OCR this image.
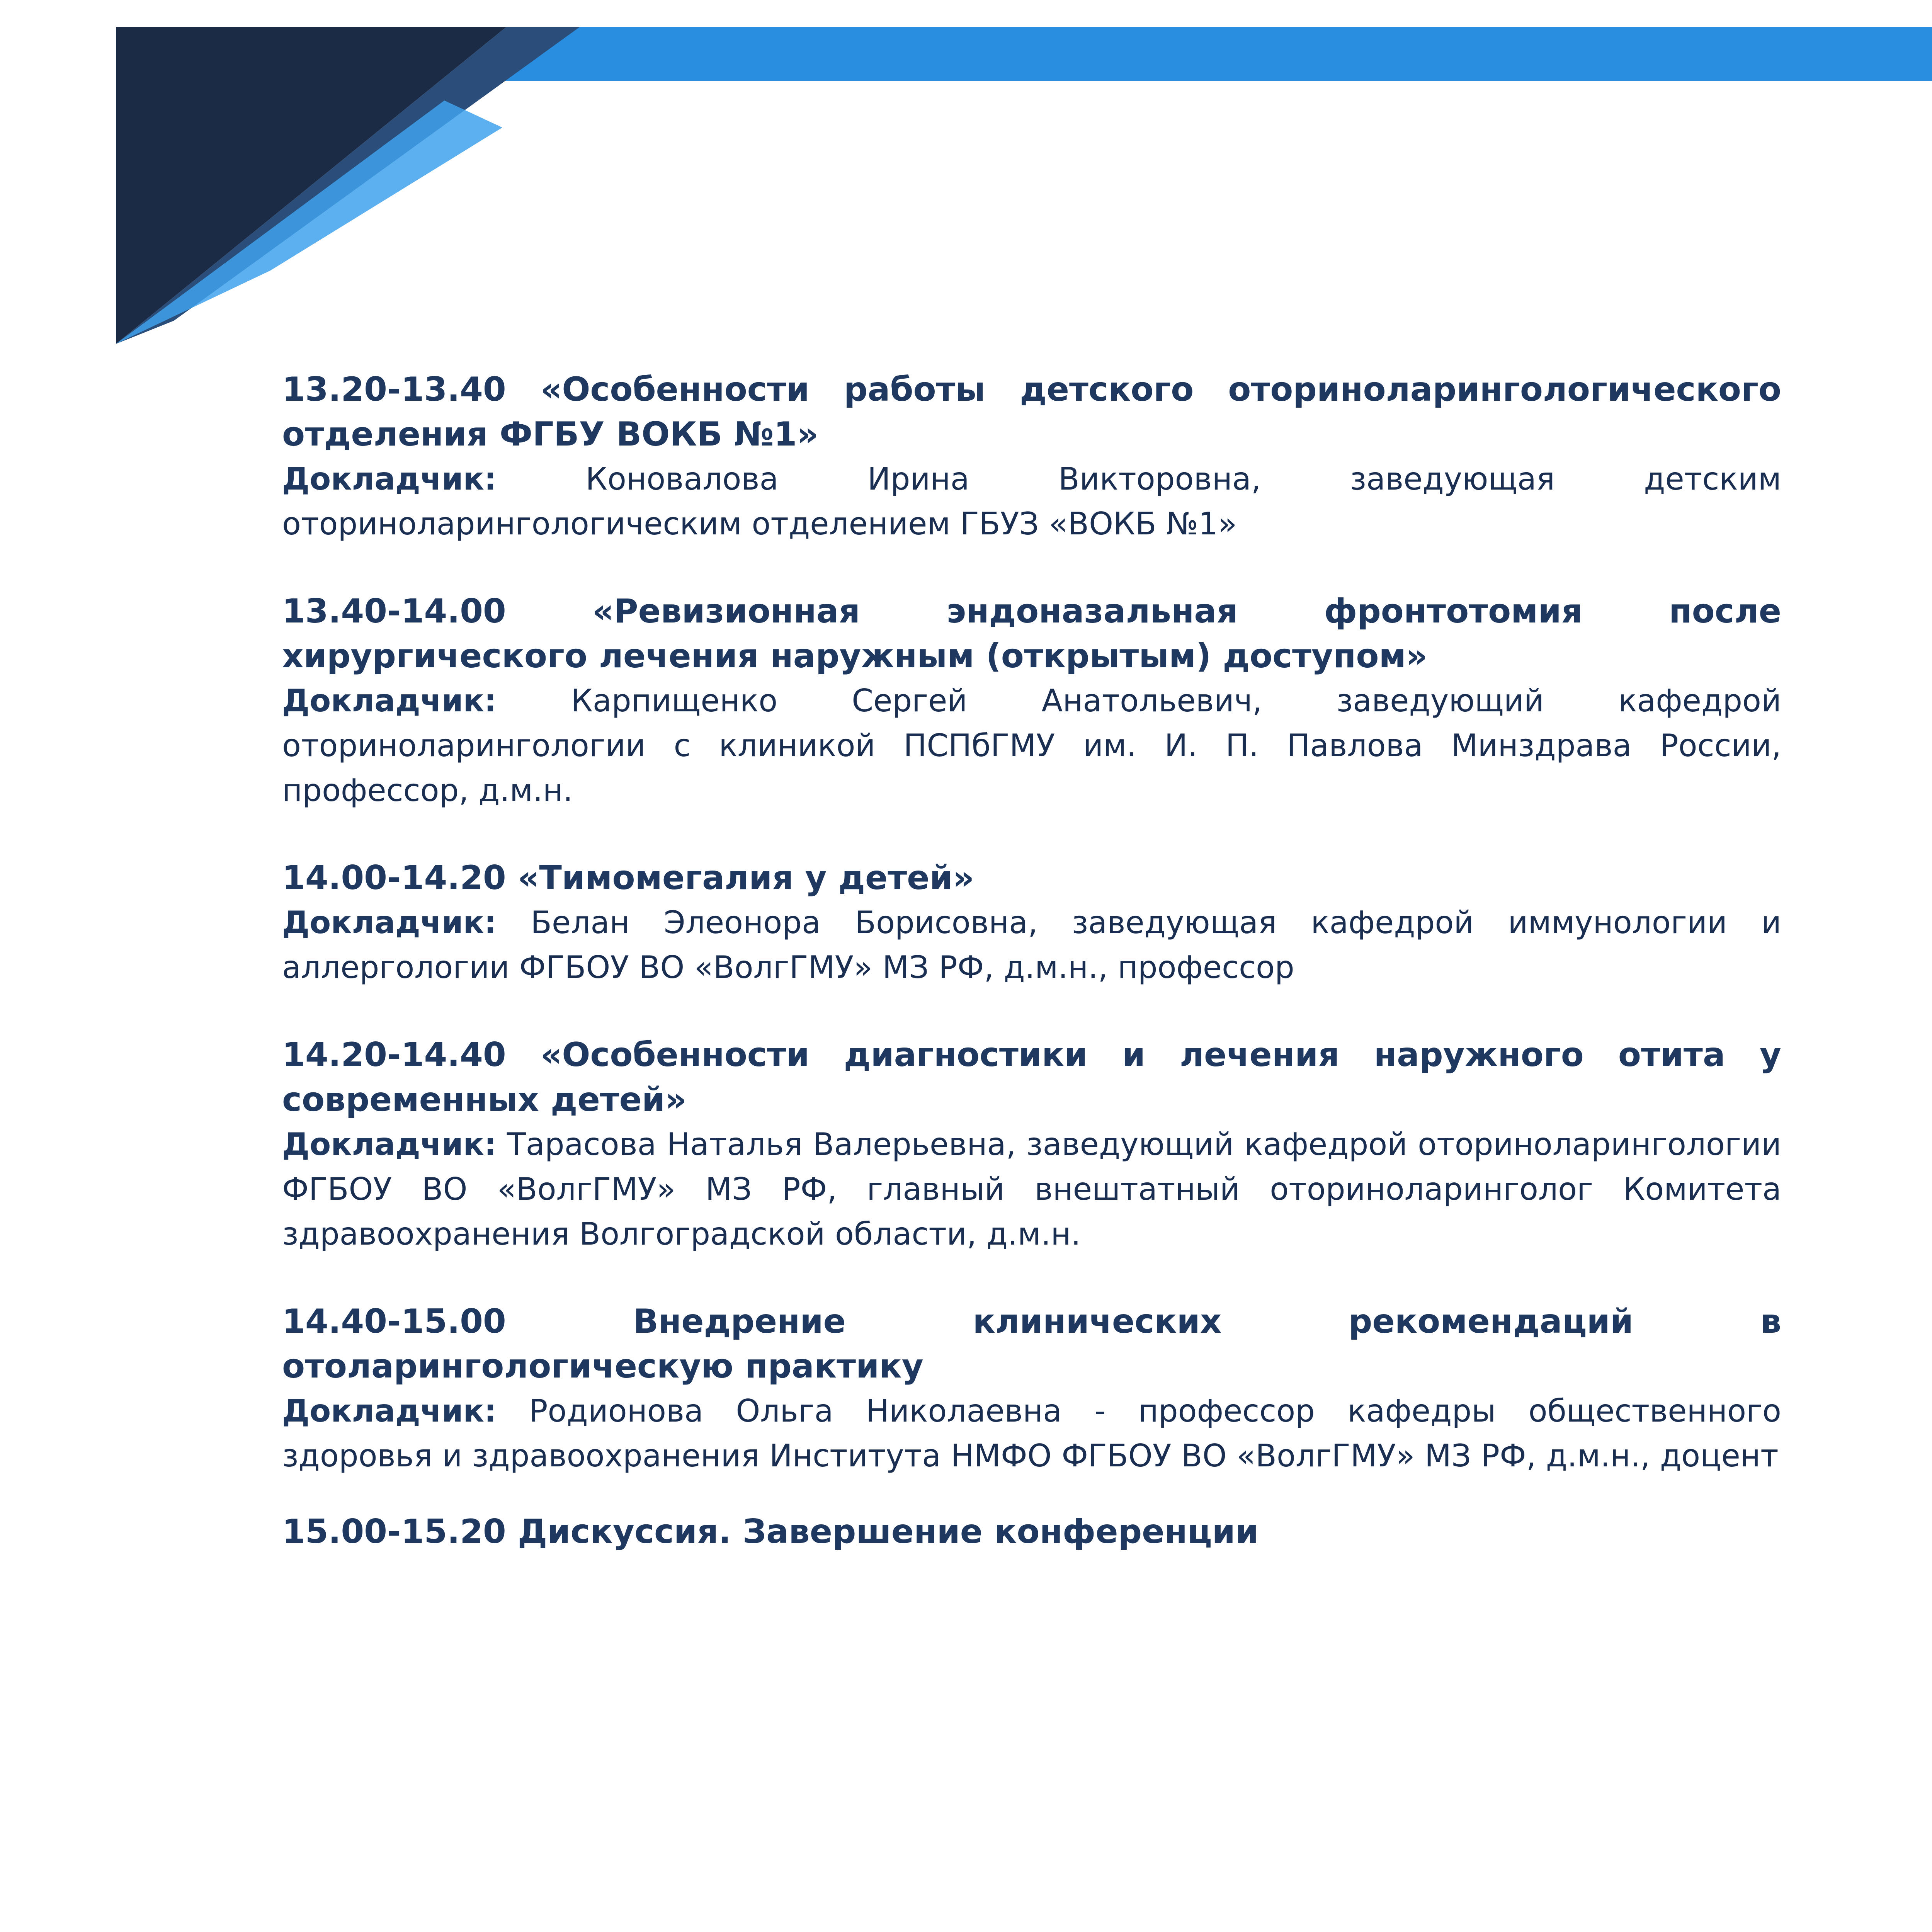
13.20-13.40 «Особенности работы детского оториноларингологического отделения ФГБУ ВОКБ №1»

Докладчик:	Коновалова Ирина Викторовна, заведующая детским оториноларингологическим отделением ГБУЗ «ВОКБ №1»

13.40-14.00	«Ревизионная эндоназальная фронтотомия после хирургического лечения наружным (открытым) доступом»

Докладчик: Карпищенко Сергей Анатольевич, заведующий кафедрой оториноларингологии с клиникой ПСПбГМУ им. И. П. Павлова Минздрава России, профессор, д.м.н.

14.00-14.20 «Тимомегалия у детей»

Докладчик: Белан Элеонора Борисовна, заведующая кафедрой иммунологии и аллергологии ФГБОУ ВО «ВолгГМУ» МЗ РФ, д.м.н., профессор

14.20-14.40 «Особенности диагностики и лечения наружного отита у современных детей»

Докладчик: Тарасова Наталья Валерьевна, заведующий кафедрой оториноларингологии ФГБОУ ВО «ВолгГМУ» МЗ РФ, главный внештатный оториноларинголог Комитета здравоохранения Волгоградской области, д.м.н.

14.40-15.00	Внедрение клинических рекомендаций в отоларингологическую практику

Докладчик: Родионова Ольга Николаевна - профессор кафедры общественного здоровья и здравоохранения Института НМФО ФГБОУ ВО «ВолгГМУ» МЗ РФ, д.м.н., доцент

15.00-15.20 Дискуссия. Завершение конференции
